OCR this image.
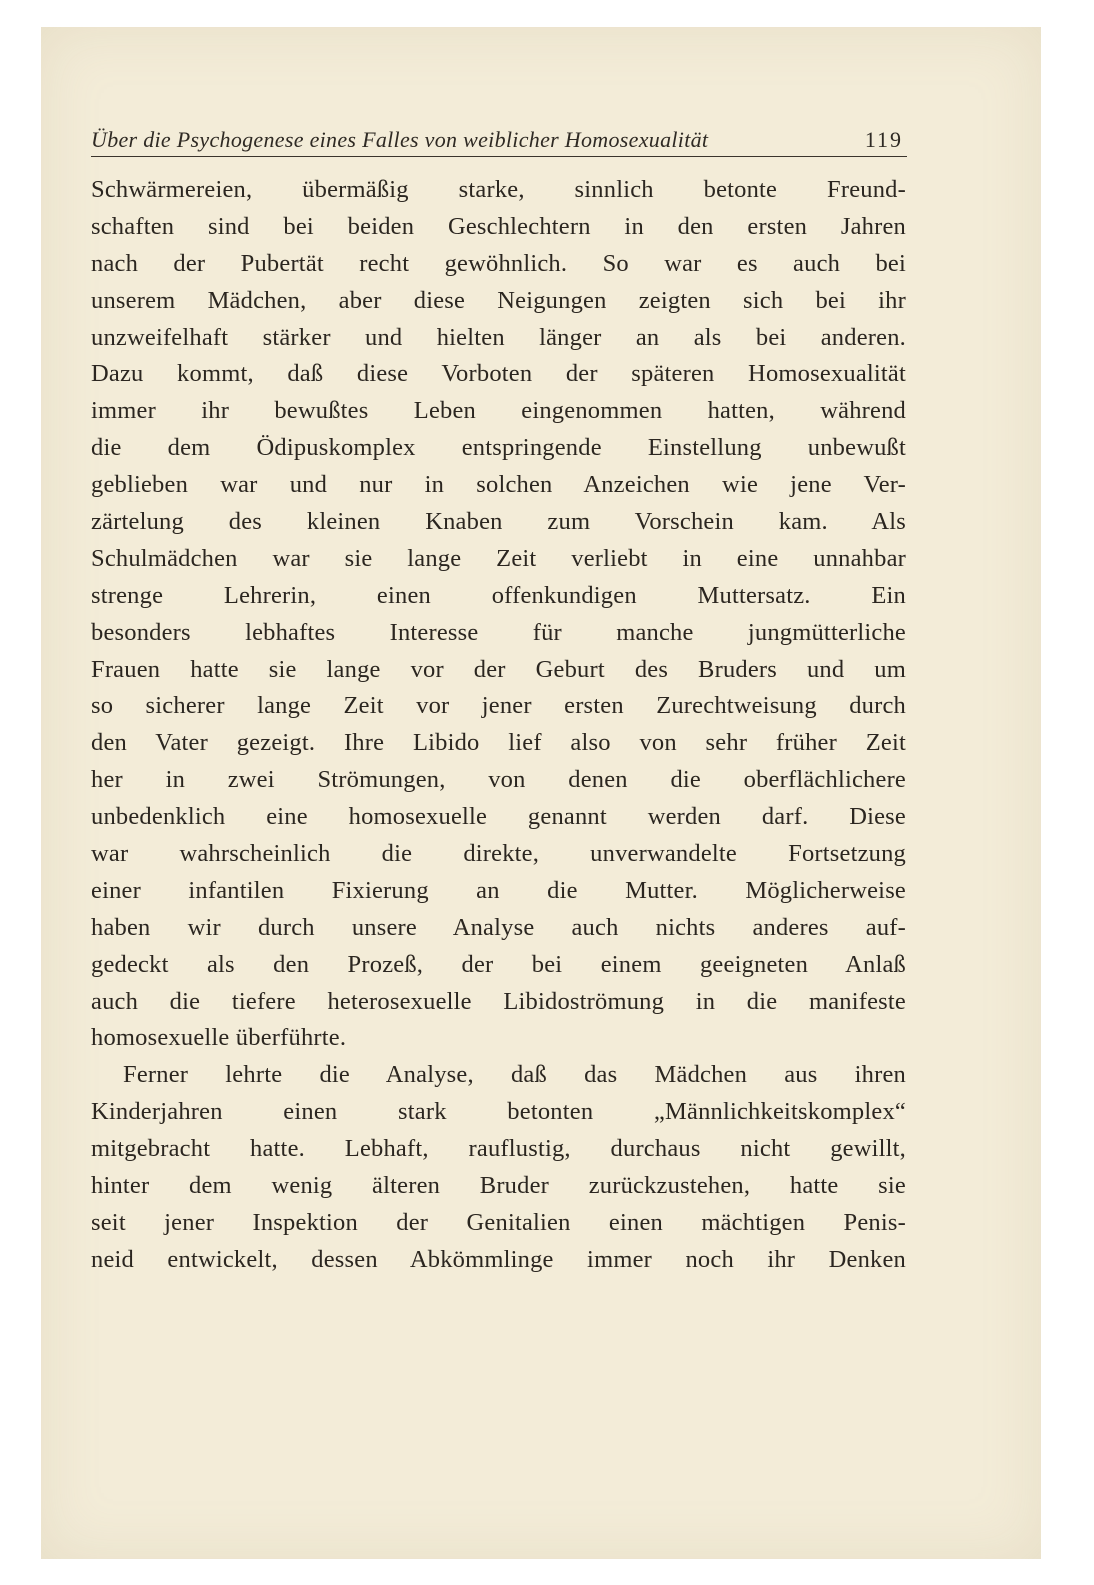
Über die Psychogenese eines Falles von weiblicher Homosexualität	119
Schwärmereien, übermäßig starke, sinnlich betonte Freund-
schaften sind bei beiden Geschlechtern in den ersten Jahren
nach der Pubertät recht gewöhnlich. So war es auch bei
unserem Mädchen, aber diese Neigungen zeigten sich bei ihr
unzweifelhaft stärker und hielten länger an als bei anderen.
Dazu kommt, daß diese Vorboten der späteren Homosexualität
immer ihr bewußtes Leben eingenommen hatten, während
die dem Ödipuskomplex entspringende Einstellung unbewußt
geblieben war und nur in solchen Anzeichen wie jene Ver-
zärtelung des kleinen Knaben zum Vorschein kam. Als
Schulmädchen war sie lange Zeit verliebt in eine unnahbar
strenge Lehrerin, einen offenkundigen Muttersatz. Ein
besonders lebhaftes Interesse für manche jungmütterliche
Frauen hatte sie lange vor der Geburt des Bruders und um
so sicherer lange Zeit vor jener ersten Zurechtweisung durch
den Vater gezeigt. Ihre Libido lief also von sehr früher Zeit
her in zwei Strömungen, von denen die oberflächlichere
unbedenklich eine homosexuelle genannt werden darf. Diese
war wahrscheinlich die direkte, unverwandelte Fortsetzung
einer infantilen Fixierung an die Mutter. Möglicherweise
haben wir durch unsere Analyse auch nichts anderes auf-
gedeckt als den Prozeß, der bei einem geeigneten Anlaß
auch die tiefere heterosexuelle Libidoströmung in die manifeste
homosexuelle überführte.
Ferner lehrte die Analyse, daß das Mädchen aus ihren
Kinderjahren einen stark betonten „Männlichkeitskomplex“
mitgebracht hatte. Lebhaft, rauflustig, durchaus nicht gewillt,
hinter dem wenig älteren Bruder zurückzustehen, hatte sie
seit jener Inspektion der Genitalien einen mächtigen Penis-
neid entwickelt, dessen Abkömmlinge immer noch ihr Denken
